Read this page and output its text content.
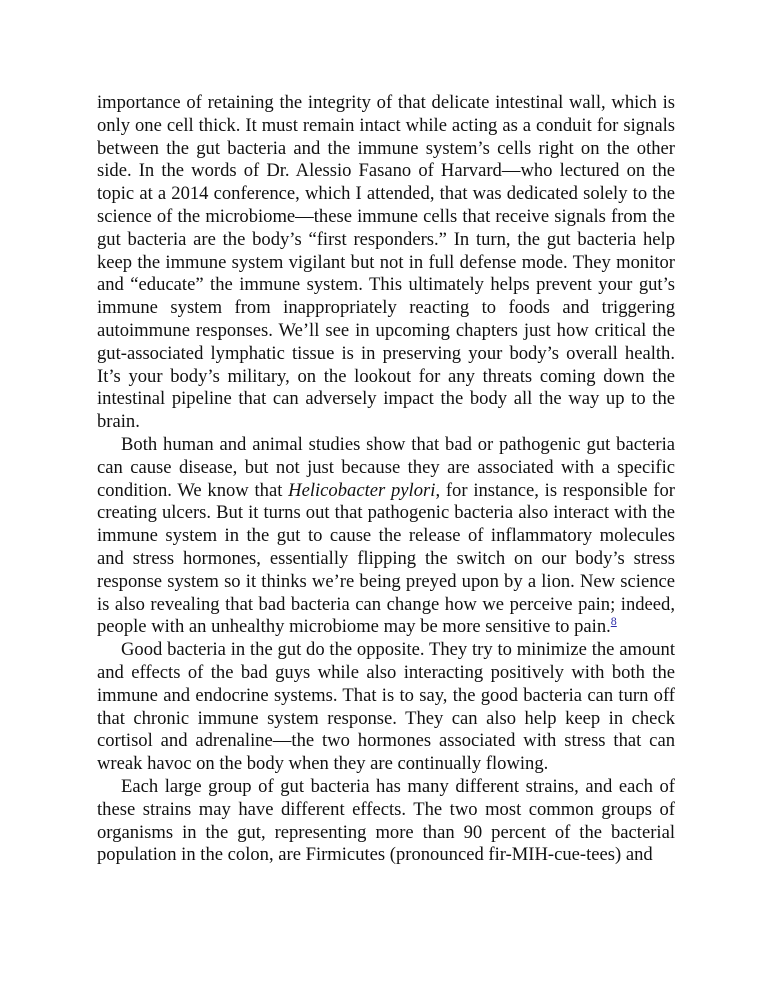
importance of retaining the integrity of that delicate intestinal wall, which is only one cell thick. It must remain intact while acting as a conduit for signals between the gut bacteria and the immune system’s cells right on the other side. In the words of Dr. Alessio Fasano of Harvard—who lectured on the topic at a 2014 conference, which I attended, that was dedicated solely to the science of the microbiome—these immune cells that receive signals from the gut bacteria are the body’s “first responders.” In turn, the gut bacteria help keep the immune system vigilant but not in full defense mode. They monitor and “educate” the immune system. This ultimately helps prevent your gut’s immune system from inappropriately reacting to foods and triggering autoimmune responses. We’ll see in upcoming chapters just how critical the gut-associated lymphatic tissue is in preserving your body’s overall health. It’s your body’s military, on the lookout for any threats coming down the intestinal pipeline that can adversely impact the body all the way up to the brain.

Both human and animal studies show that bad or pathogenic gut bacteria can cause disease, but not just because they are associated with a specific condition. We know that Helicobacter pylori, for instance, is responsible for creating ulcers. But it turns out that pathogenic bacteria also interact with the immune system in the gut to cause the release of inflammatory molecules and stress hormones, essentially flipping the switch on our body’s stress response system so it thinks we’re being preyed upon by a lion. New science is also revealing that bad bacteria can change how we perceive pain; indeed, people with an unhealthy microbiome may be more sensitive to pain.$^8$

Good bacteria in the gut do the opposite. They try to minimize the amount and effects of the bad guys while also interacting positively with both the immune and endocrine systems. That is to say, the good bacteria can turn off that chronic immune system response. They can also help keep in check cortisol and adrenaline—the two hormones associated with stress that can wreak havoc on the body when they are continually flowing.

Each large group of gut bacteria has many different strains, and each of these strains may have different effects. The two most common groups of organisms in the gut, representing more than 90 percent of the bacterial population in the colon, are Firmicutes (pronounced fir-MIH-cue-tees) and
